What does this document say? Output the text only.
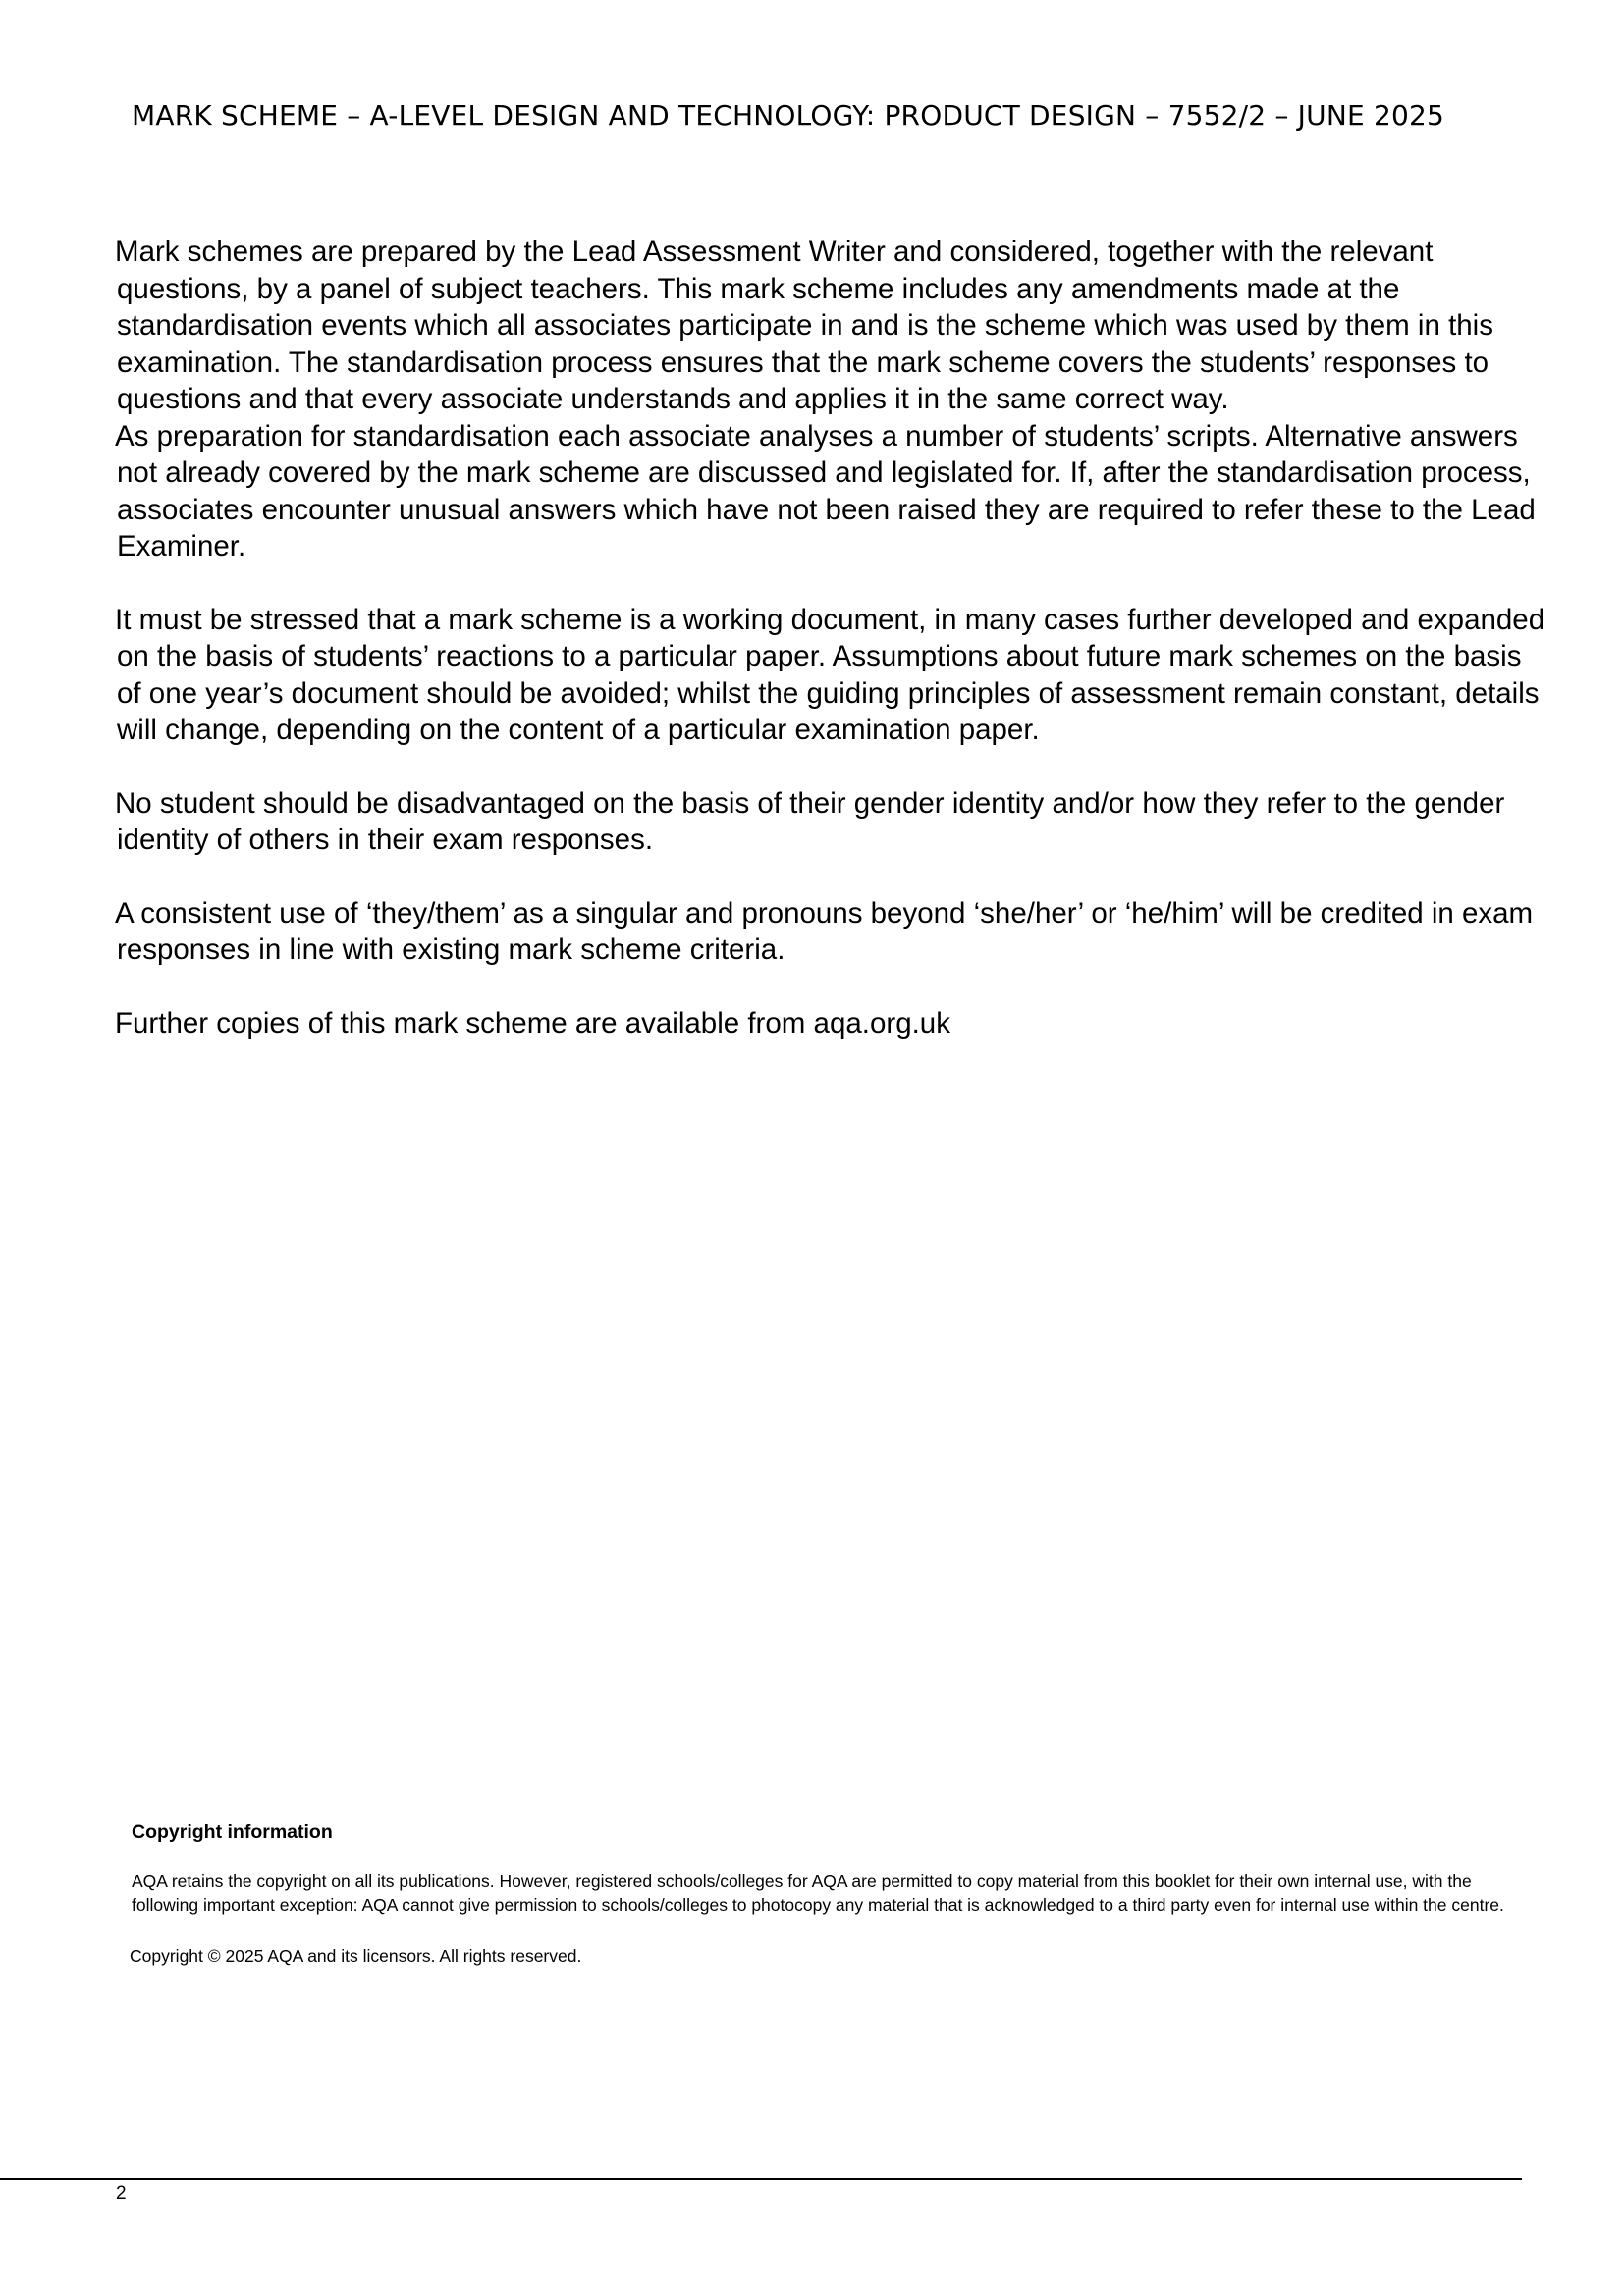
MARK SCHEME – A-LEVEL DESIGN AND TECHNOLOGY: PRODUCT DESIGN – 7552/2 – JUNE 2025

Mark schemes are prepared by the Lead Assessment Writer and considered, together with the relevant questions, by a panel of subject teachers. This mark scheme includes any amendments made at the standardisation events which all associates participate in and is the scheme which was used by them in this examination. The standardisation process ensures that the mark scheme covers the students’ responses to questions and that every associate understands and applies it in the same correct way.

As preparation for standardisation each associate analyses a number of students’ scripts. Alternative answers not already covered by the mark scheme are discussed and legislated for. If, after the standardisation process, associates encounter unusual answers which have not been raised they are required to refer these to the Lead Examiner.

It must be stressed that a mark scheme is a working document, in many cases further developed and expanded on the basis of students’ reactions to a particular paper. Assumptions about future mark schemes on the basis of one year’s document should be avoided; whilst the guiding principles of assessment remain constant, details will change, depending on the content of a particular examination paper.

No student should be disadvantaged on the basis of their gender identity and/or how they refer to the gender identity of others in their exam responses.

A consistent use of ‘they/them’ as a singular and pronouns beyond ‘she/her’ or ‘he/him’ will be credited in exam responses in line with existing mark scheme criteria.

Further copies of this mark scheme are available from aqa.org.uk

Copyright information

AQA retains the copyright on all its publications. However, registered schools/colleges for AQA are permitted to copy material from this booklet for their own internal use, with the following important exception: AQA cannot give permission to schools/colleges to photocopy any material that is acknowledged to a third party even for internal use within the centre.

Copyright © 2025 AQA and its licensors. All rights reserved.

2
